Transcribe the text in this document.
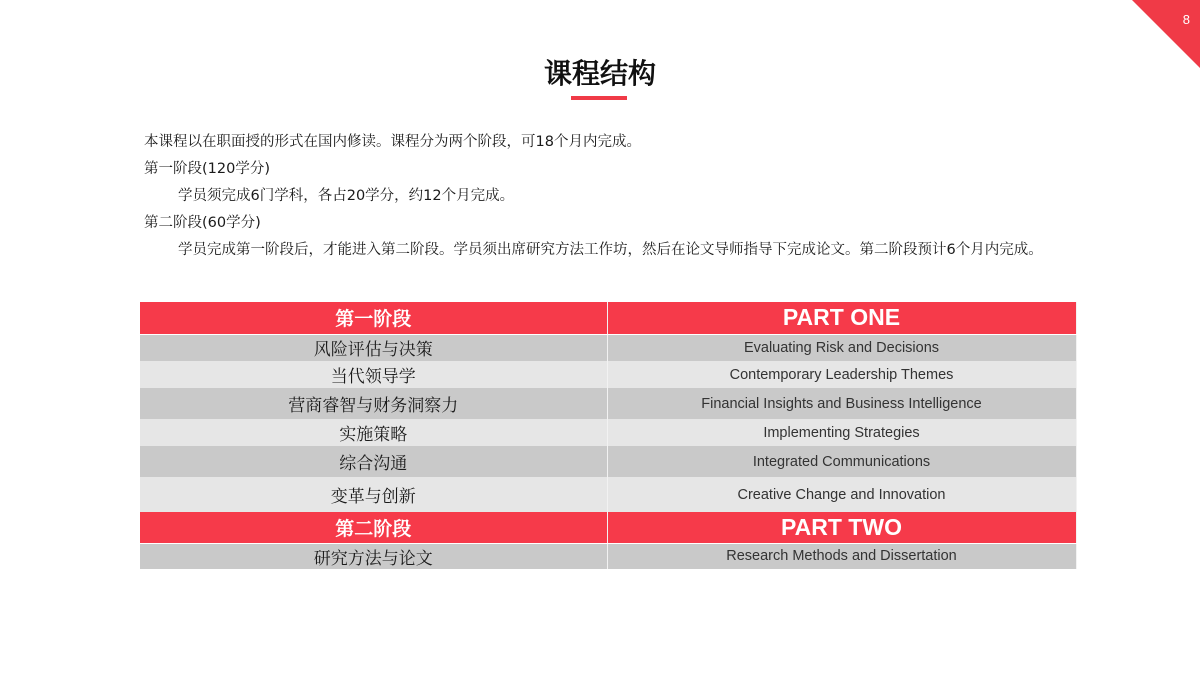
8
课程结构

本课程以在职面授的形式在国内修读。课程分为两个阶段，可18个月内完成。

第一阶段(120学分)

学员须完成6门学科，各占20学分，约12个月完成。

第二阶段(60学分)

学员完成第一阶段后，才能进入第二阶段。学员须出席研究方法工作坊，然后在论文导师指导下完成论文。第二阶段预计6个月内完成。

第一阶段	PART ONE
风险评估与决策	Evaluating Risk and Decisions
当代领导学	Contemporary Leadership Themes
营商睿智与财务洞察力	Financial Insights and Business Intelligence
实施策略	Implementing Strategies
综合沟通	Integrated Communications
变革与创新	Creative Change and Innovation
第二阶段	PART TWO
研究方法与论文	Research Methods and Dissertation
